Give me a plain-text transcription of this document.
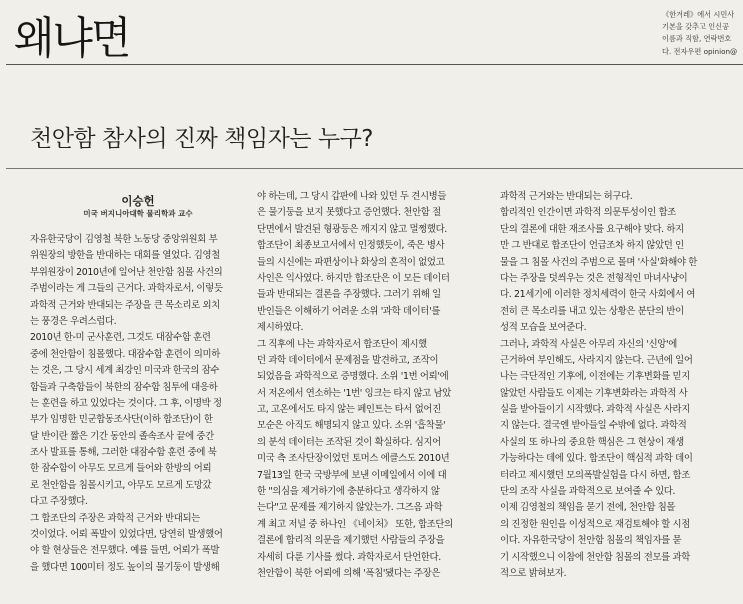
왜냐면	《한겨레》에서 시민사
기본을 갖추고 인신공
이름과 직함, 연락번호
다. 전자우편 opinion@
천안함 참사의 진짜 책임자는 누구?
이승헌
미국 버지니아대학 물리학과 교수
자유한국당이 김영철 북한 노동당 중앙위원회 부
위원장의 방한을 반대하는 대회를 열었다. 김영철
부위원장이 2010년에 일어난 천안함 침몰 사건의
주범이라는 게 그들의 근거다. 과학자로서, 이렇듯
과학적 근거와 반대되는 주장을 큰 목소리로 외치
는 풍경은 우려스럽다.
2010년 한-미 군사훈련, 그것도 대잠수함 훈련
중에 천안함이 침몰했다. 대잠수함 훈련이 의미하
는 것은, 그 당시 세계 최강인 미국과 한국의 잠수
함들과 구축함들이 북한의 잠수함 침투에 대응하
는 훈련을 하고 있었다는 것이다. 그 후, 이명박 정
부가 임명한 민군합동조사단(이하 합조단)이 한
달 반이란 짧은 기간 동안의 졸속조사 끝에 중간
조사 발표를 통해, 그러한 대잠수함 훈련 중에 북
한 잠수함이 아무도 모르게 들어와 한방의 어뢰
로 천안함을 침몰시키고, 아무도 모르게 도망갔
다고 주장했다.
그 합조단의 주장은 과학적 근거와 반대되는
것이었다. 어뢰 폭발이 있었다면, 당연히 발생했어
야 할 현상들은 전무했다. 예를 들면, 어뢰가 폭발
을 했다면 100미터 정도 높이의 물기둥이 발생해
야 하는데, 그 당시 갑판에 나와 있던 두 견시병들
은 물기둥을 보지 못했다고 증언했다. 천안함 절
단면에서 발견된 형광등은 깨지지 않고 멀쩡했다.
합조단이 최종보고서에서 인정했듯이, 죽은 병사
들의 시신에는 파편상이나 화상의 흔적이 없었고
사인은 익사였다. 하지만 합조단은 이 모든 데이터
들과 반대되는 결론을 주장했다. 그러기 위해 일
반인들은 이해하기 어려운 소위 '과학 데이터'를
제시하였다.
그 직후에 나는 과학자로서 합조단이 제시했
던 과학 데이터에서 문제점을 발견하고, 조작이
되었음을 과학적으로 증명했다. 소위 '1번 어뢰'에
서 저온에서 연소하는 '1번' 잉크는 타지 않고 남았
고, 고온에서도 타지 않는 페인트는 타서 없어진
모순은 아직도 해명되지 않고 있다. 소위 '흡착물'
의 분석 데이터는 조작된 것이 확실하다. 심지어
미국 측 조사단장이었던 토머스 에클스도 2010년
7월13일 한국 국방부에 보낸 이메일에서 이에 대
한 "의심을 제거하기에 충분하다고 생각하지 않
는다"고 문제를 제기하지 않았는가. 그즈음 과학
계 최고 저널 중 하나인 《네이처》 또한, 합조단의
결론에 합리적 의문을 제기했던 사람들의 주장을
자세히 다룬 기사를 썼다. 과학자로서 단언한다.
천안함이 북한 어뢰에 의해 '폭침'됐다는 주장은
과학적 근거와는 반대되는 허구다.
합리적인 인간이면 과학적 의문투성이인 합조
단의 결론에 대한 재조사를 요구해야 맞다. 하지
만 그 반대로 합조단이 언급조차 하지 않았던 인
물을 그 침몰 사건의 주범으로 몰며 '사실'화해야 한
다는 주장을 덧씌우는 것은 전형적인 마녀사냥이
다. 21세기에 이러한 정치세력이 한국 사회에서 여
전히 큰 목소리를 내고 있는 상황은 분단의 반이
성적 모습을 보여준다.
그러나, 과학적 사실은 아무리 자신의 '신앙'에
근거하여 부인해도, 사라지지 않는다. 근년에 일어
나는 극단적인 기후에, 이전에는 기후변화를 믿지
않았던 사람들도 이제는 기후변화라는 과학적 사
실을 받아들이기 시작했다. 과학적 사실은 사라지
지 않는다. 결국엔 받아들일 수밖에 없다. 과학적
사실의 또 하나의 중요한 핵심은 그 현상이 재생
가능하다는 데에 있다. 합조단이 핵심적 과학 데이
터라고 제시했던 모의폭발실험을 다시 하면, 합조
단의 조작 사실을 과학적으로 보여줄 수 있다.
이제 김영철의 책임을 묻기 전에, 천안함 침몰
의 진정한 원인을 이성적으로 재검토해야 할 시점
이다. 자유한국당이 천안함 침몰의 책임자를 묻
기 시작했으니 이참에 천안함 침몰의 전모를 과학
적으로 밝혀보자.
